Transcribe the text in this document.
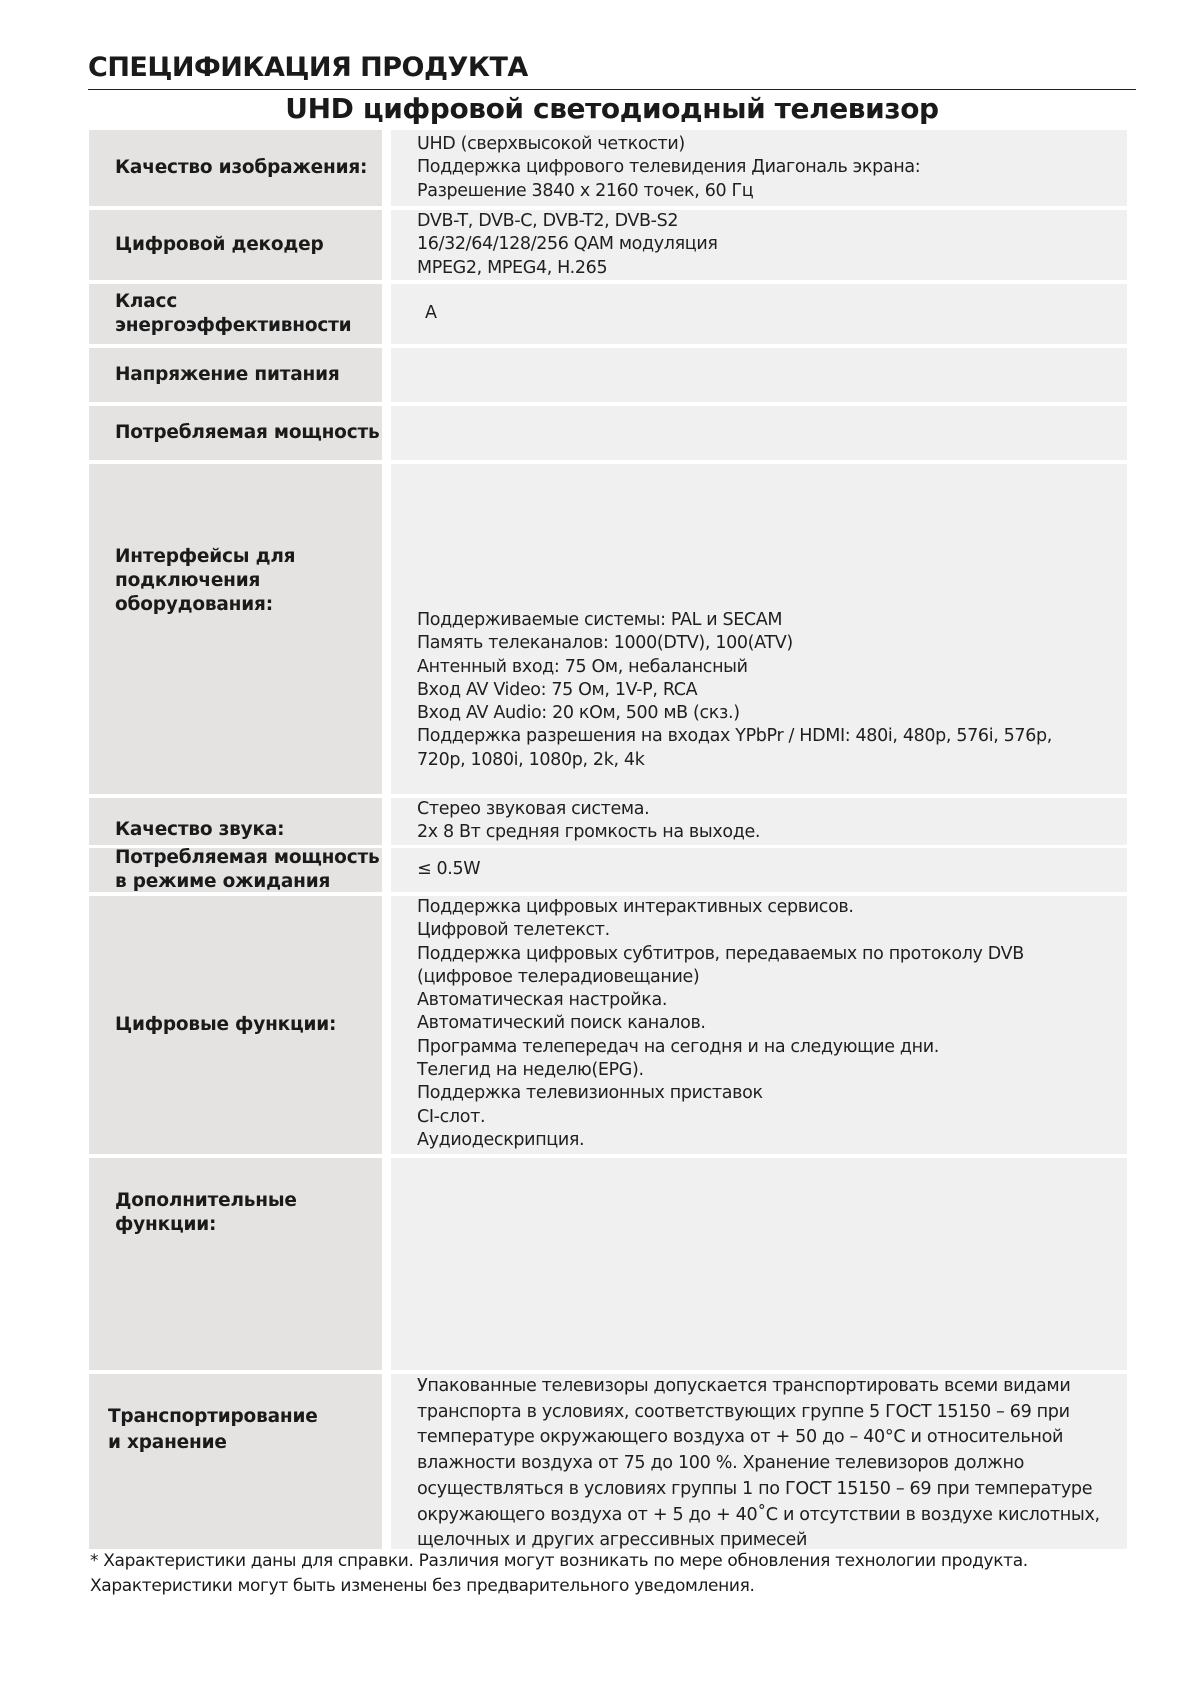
СПЕЦИФИКАЦИЯ ПРОДУКТА
UHD цифровой светодиодный телевизор
Качество изображения:

UHD (сверхвысокой четкости)
Поддержка цифрового телевидения Диагональ экрана:
Разрешение 3840 х 2160 точек, 60 Гц

Цифровой декодер

DVB-T, DVB-C, DVB-T2, DVB-S2
16/32/64/128/256 QAM модуляция
MPEG2, MPEG4, H.265

Класс
энергоэффективности

A

Напряжение питания

Потребляемая мощность

Интерфейсы для
подключения
оборудования:

Поддерживаемые системы: PAL и SECAM
Память телеканалов: 1000(DTV), 100(ATV)
Антенный вход: 75 Ом, небалансный
Вход AV Video: 75 Ом, 1V-P, RCA
Вход AV Audio: 20 кОм, 500 мВ (скз.)
Поддержка разрешения на входах YPbPr / HDMI: 480i, 480p, 576i, 576p,
720p, 1080i, 1080p, 2k, 4k

Качество звука:

Стерео звуковая система.
2х 8 Вт средняя громкость на выходе.

Потребляемая мощность
в режиме ожидания

≤ 0.5W

Цифровые функции:

Поддержка цифровых интерактивных сервисов.
Цифровой телетекст.
Поддержка цифровых субтитров, передаваемых по протоколу DVB
(цифровое телерадиовещание)
Автоматическая настройка.
Автоматический поиск каналов.
Программа телепередач на сегодня и на следующие дни.
Телегид на неделю(EPG).
Поддержка телевизионных приставок
CI-слот.
Аудиодескрипция.

Дополнительные
функции:

Транспортирование
и хранение

Упакованные телевизоры допускается транспортировать всеми видами
транспорта в условиях, соответствующих группе 5 ГОСТ 15150 – 69 при
температуре окружающего воздуха от + 50 до – 40°С и относительной
влажности воздуха от 75 до 100 %. Хранение телевизоров должно
осуществляться в условиях группы 1 по ГОСТ 15150 – 69 при температуре
окружающего воздуха от + 5 до + 40˚С и отсутствии в воздухе кислотных,
щелочных и других агрессивных примесей

* Характеристики даны для справки. Различия могут возникать по мере обновления технологии продукта.
Характеристики могут быть изменены без предварительного уведомления.
